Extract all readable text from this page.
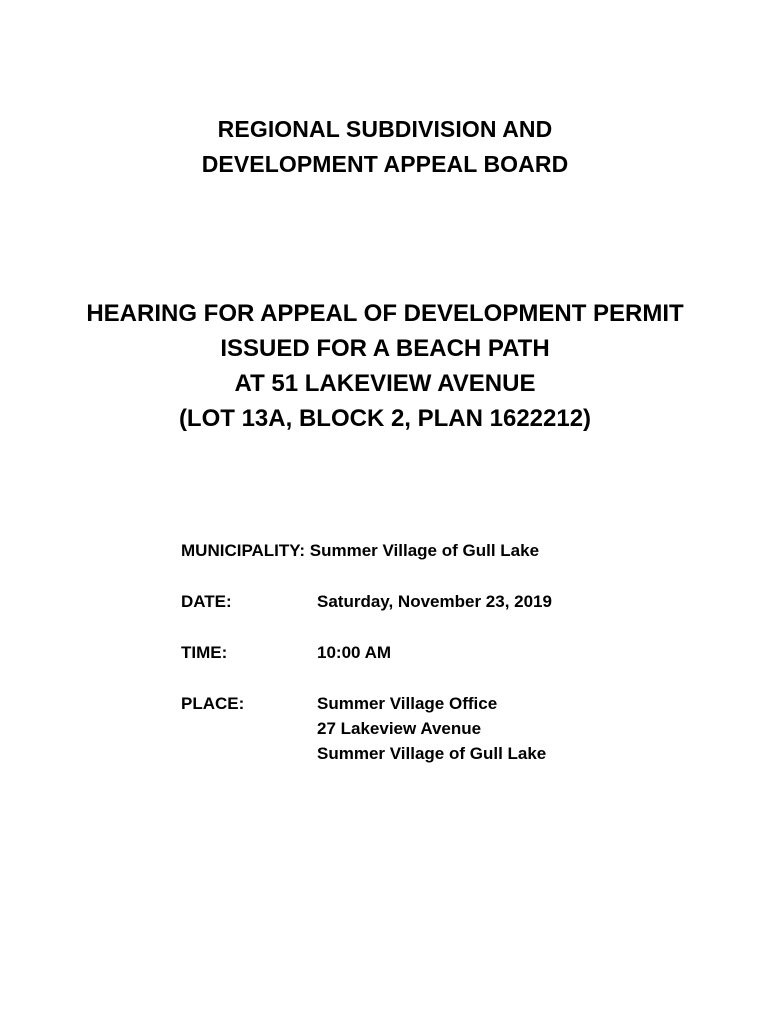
REGIONAL SUBDIVISION AND
DEVELOPMENT APPEAL BOARD
HEARING FOR APPEAL OF DEVELOPMENT PERMIT
ISSUED FOR A BEACH PATH
AT 51 LAKEVIEW AVENUE
(LOT 13A, BLOCK 2, PLAN 1622212)
MUNICIPALITY: Summer Village of Gull Lake
DATE:	Saturday, November 23, 2019
TIME:	10:00 AM
PLACE:	Summer Village Office
27 Lakeview Avenue
Summer Village of Gull Lake
